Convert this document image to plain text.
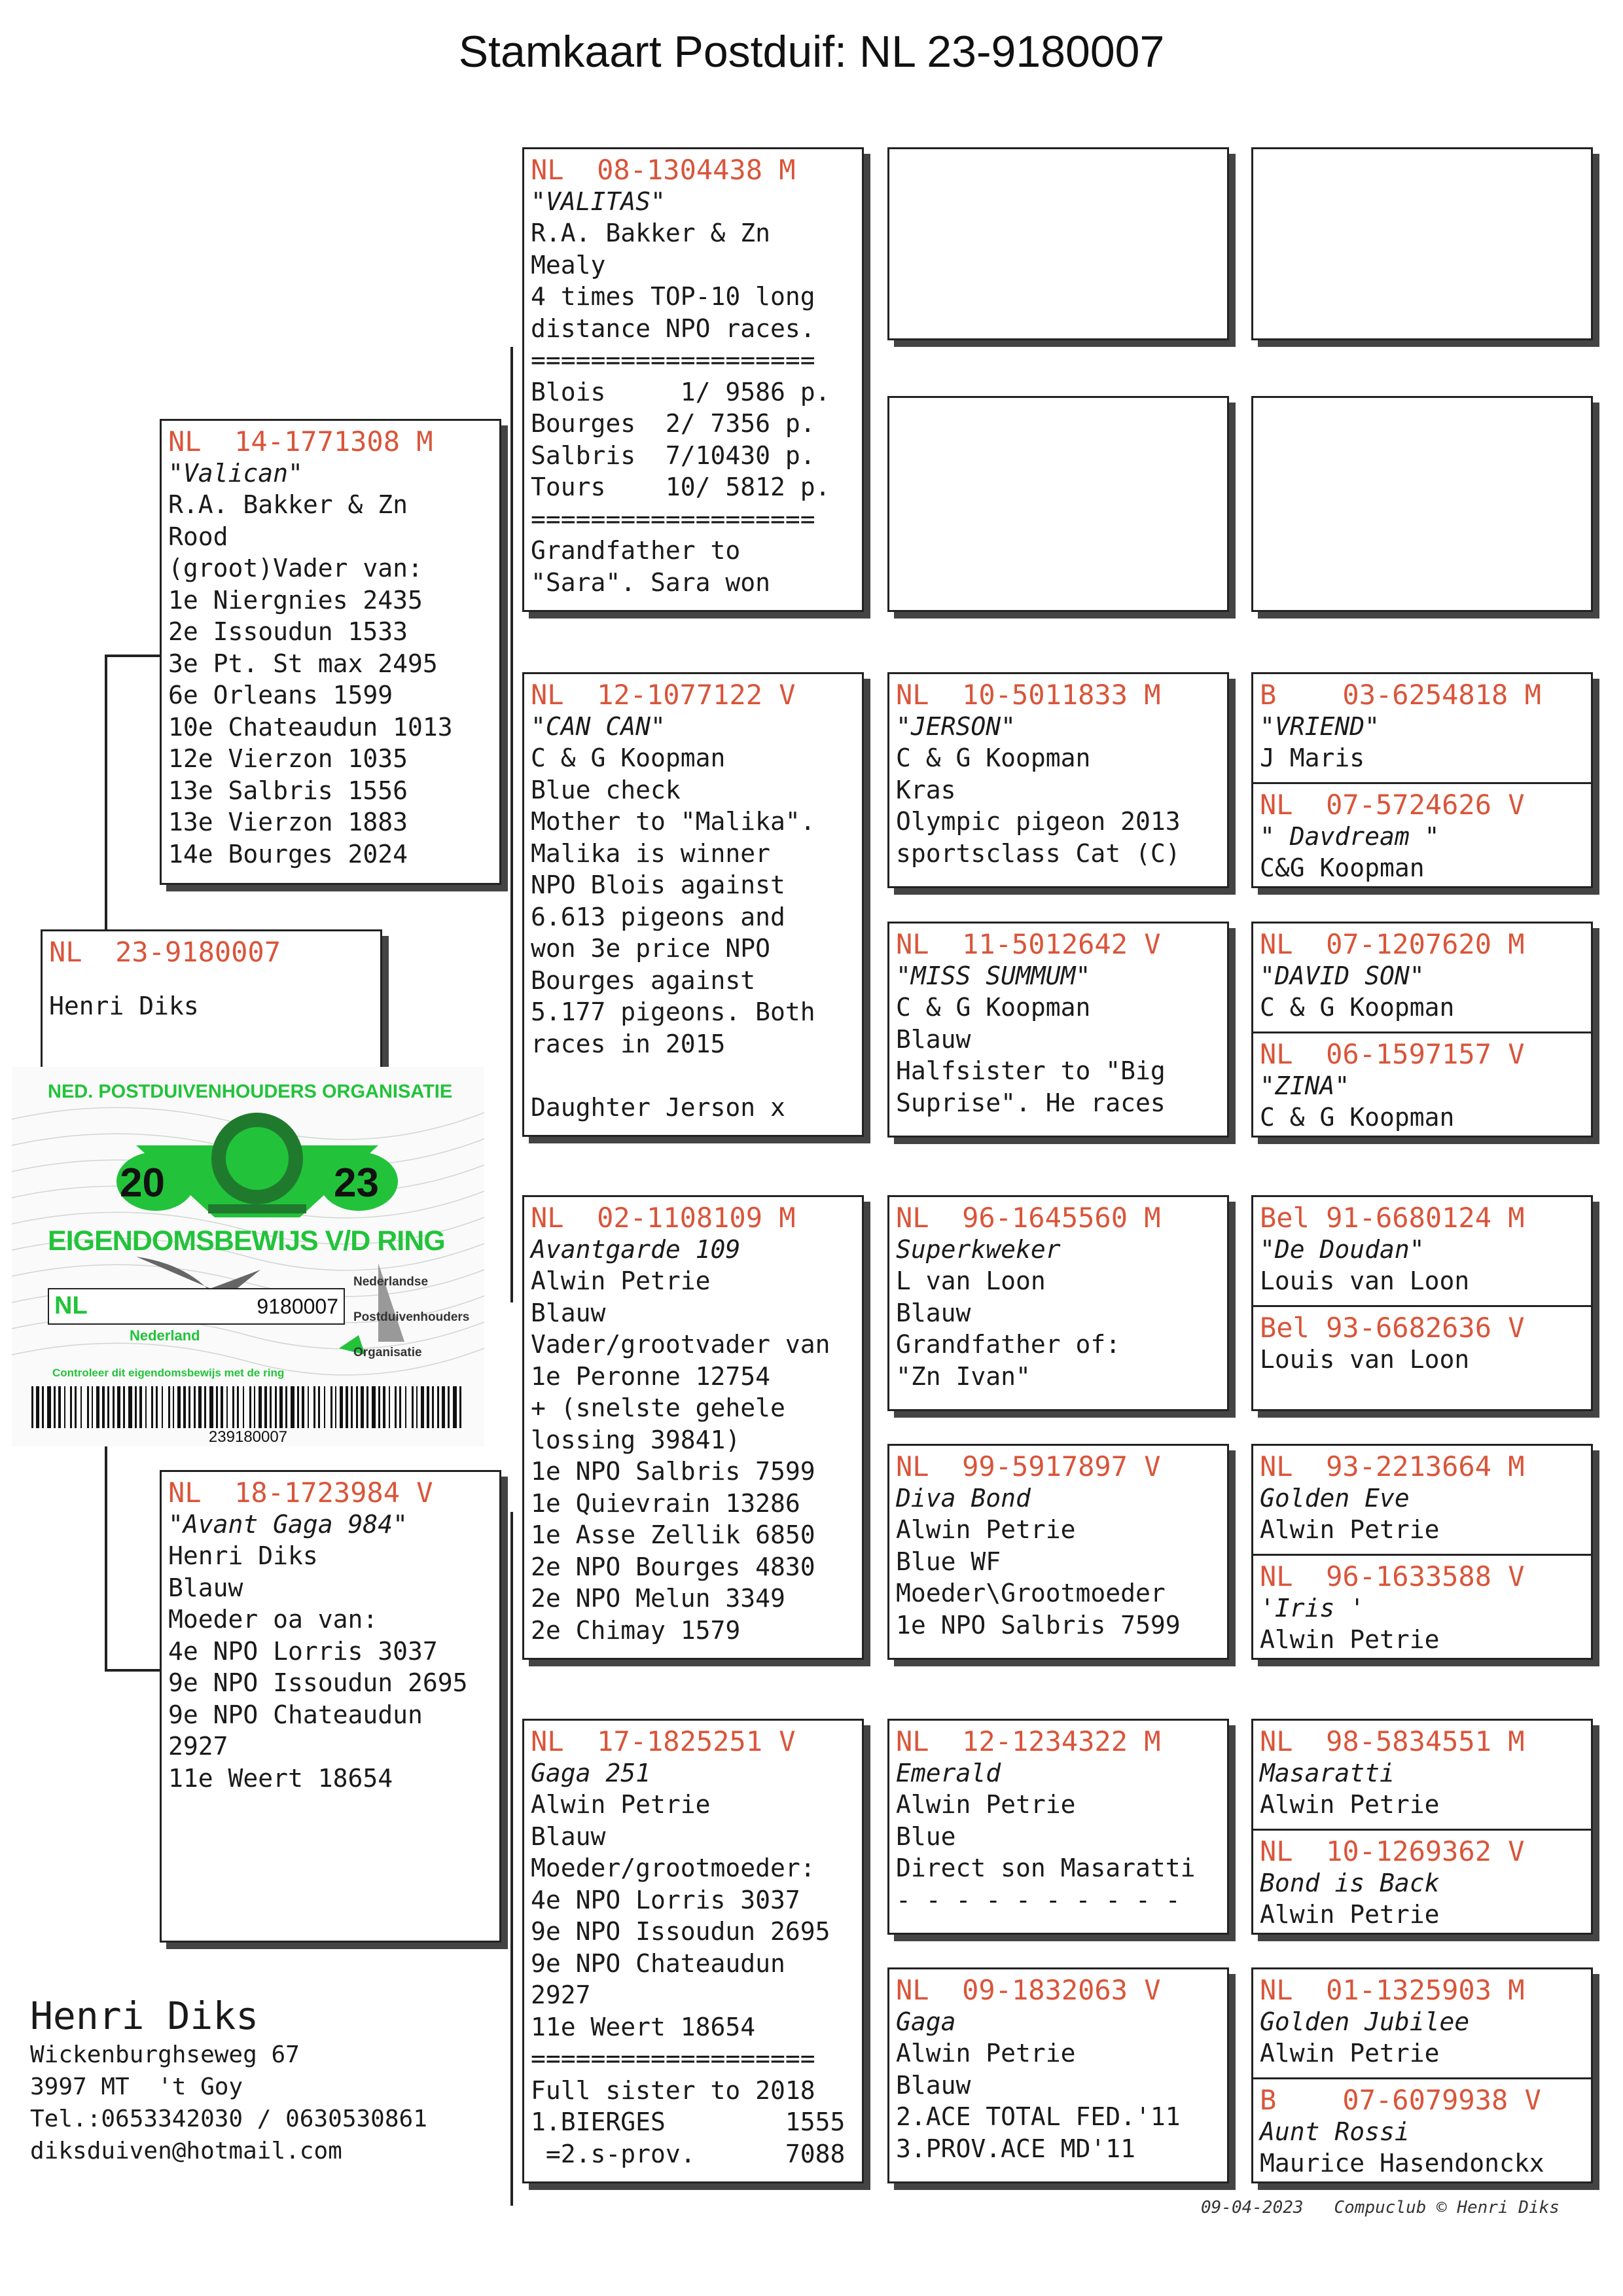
Stamkaart Postduif: NL 23-9180007
NL  23-9180007
Henri Diks
NED. POSTDUIVENHOUDERS ORGANISATIE
20	23
EIGENDOMSBEWIJS V/D RING
NL	9180007
Nederland
Nederlandse
Postduivenhouders
Organisatie
Controleer dit eigendomsbewijs met de ring
239180007
NL  14-1771308 M
"Valican"
R.A. Bakker & Zn
Rood
(groot)Vader van:
1e Niergnies 2435
2e Issoudun 1533
3e Pt. St max 2495
6e Orleans 1599
10e Chateaudun 1013
12e Vierzon 1035
13e Salbris 1556
13e Vierzon 1883
14e Bourges 2024
NL  18-1723984 V
"Avant Gaga 984"
Henri Diks
Blauw
Moeder oa van:
4e NPO Lorris 3037
9e NPO Issoudun 2695
9e NPO Chateaudun
2927
11e Weert 18654
NL  08-1304438 M
"VALITAS"
R.A. Bakker & Zn
Mealy
4 times TOP-10 long
distance NPO races.
===================
Blois     1/ 9586 p.
Bourges  2/ 7356 p.
Salbris  7/10430 p.
Tours    10/ 5812 p.
===================
Grandfather to
"Sara". Sara won
NL  12-1077122 V
"CAN CAN"
C & G Koopman
Blue check
Mother to "Malika".
Malika is winner
NPO Blois against
6.613 pigeons and
won 3e price NPO
Bourges against
5.177 pigeons. Both
races in 2015

Daughter Jerson x
NL  02-1108109 M
Avantgarde 109
Alwin Petrie
Blauw
Vader/grootvader van
1e Peronne 12754
+ (snelste gehele
lossing 39841)
1e NPO Salbris 7599
1e Quievrain 13286
1e Asse Zellik 6850
2e NPO Bourges 4830
2e NPO Melun 3349
2e Chimay 1579
NL  17-1825251 V
Gaga 251
Alwin Petrie
Blauw
Moeder/grootmoeder:
4e NPO Lorris 3037
9e NPO Issoudun 2695
9e NPO Chateaudun
2927
11e Weert 18654
===================
Full sister to 2018
1.BIERGES        1555
=2.s-prov.      7088
NL  10-5011833 M
"JERSON"
C & G Koopman
Kras
Olympic pigeon 2013
sportsclass Cat (C)
NL  11-5012642 V
"MISS SUMMUM"
C & G Koopman
Blauw
Halfsister to "Big
Suprise". He races
NL  96-1645560 M
Superkweker
L van Loon
Blauw
Grandfather of:
"Zn Ivan"
NL  99-5917897 V
Diva Bond
Alwin Petrie
Blue WF
Moeder\Grootmoeder
1e NPO Salbris 7599
NL  12-1234322 M
Emerald
Alwin Petrie
Blue
Direct son Masaratti
- - - - - - - - - -
NL  09-1832063 V
Gaga
Alwin Petrie
Blauw
2.ACE TOTAL FED.'11
3.PROV.ACE MD'11
B    03-6254818 M
"VRIEND"
J Maris
NL  07-5724626 V
" Davdream "
C&G Koopman
NL  07-1207620 M
"DAVID SON"
C & G Koopman
NL  06-1597157 V
"ZINA"
C & G Koopman
Bel 91-6680124 M
"De Doudan"
Louis van Loon
Bel 93-6682636 V
Louis van Loon
NL  93-2213664 M
Golden Eve
Alwin Petrie
NL  96-1633588 V
'Iris '
Alwin Petrie
NL  98-5834551 M
Masaratti
Alwin Petrie
NL  10-1269362 V
Bond is Back
Alwin Petrie
NL  01-1325903 M
Golden Jubilee
Alwin Petrie
B    07-6079938 V
Aunt Rossi
Maurice Hasendonckx
Henri Diks
Wickenburghseweg 67
3997 MT  't Goy
Tel.:0653342030 / 0630530861
diksduiven@hotmail.com
09-04-2023   Compuclub © Henri Diks
